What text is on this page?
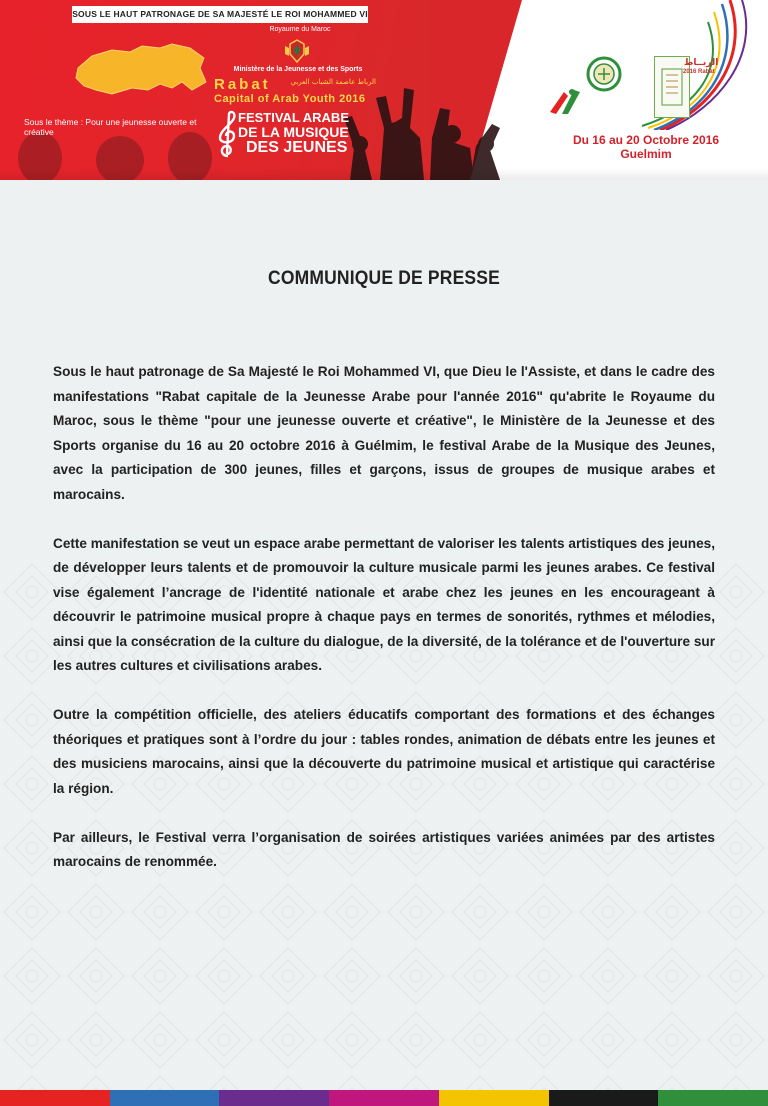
SOUS LE HAUT PATRONAGE DE SA MAJESTÉ LE ROI MOHAMMED VI
Royaume du Maroc
Ministère de la Jeunesse et des Sports
Rabat	الرباط عاصمة الشباب العربي
Capital of Arab Youth 2016
FESTIVAL ARABE
DE LA MUSIQUE
DES JEUNES
Sous le thème : Pour une jeunesse ouverte et créative
الربــاط
2016 Rabat
Du 16 au 20 Octobre 2016
Guelmim
COMMUNIQUE DE PRESSE

Sous le haut patronage de Sa Majesté le Roi Mohammed VI, que Dieu le l'Assiste, et dans le cadre des manifestations "Rabat capitale de la Jeunesse Arabe pour l'année 2016" qu'abrite le Royaume du Maroc, sous le thème "pour une jeunesse ouverte et créative", le Ministère de la Jeunesse et des Sports organise du 16 au 20 octobre 2016 à Guélmim, le festival Arabe de la Musique des Jeunes, avec la participation de 300 jeunes, filles et garçons, issus de groupes de musique arabes et marocains.

Cette manifestation se veut un espace arabe permettant de valoriser les talents artistiques des jeunes, de développer leurs talents et de promouvoir la culture musicale parmi les jeunes arabes. Ce festival vise également l’ancrage de l'identité nationale et arabe chez les jeunes en les encourageant à découvrir le patrimoine musical propre à chaque pays en termes de sonorités, rythmes et mélodies, ainsi que la consécration de la culture du dialogue, de la diversité, de la tolérance et de l'ouverture sur les autres cultures et civilisations arabes.

Outre la compétition officielle, des ateliers éducatifs comportant des formations et des échanges théoriques et pratiques sont à l’ordre du jour : tables rondes, animation de débats entre les jeunes et des musiciens marocains, ainsi que la découverte du patrimoine musical et artistique qui caractérise la région.

Par ailleurs, le Festival verra l’organisation de soirées artistiques variées animées par des artistes marocains de renommée.
